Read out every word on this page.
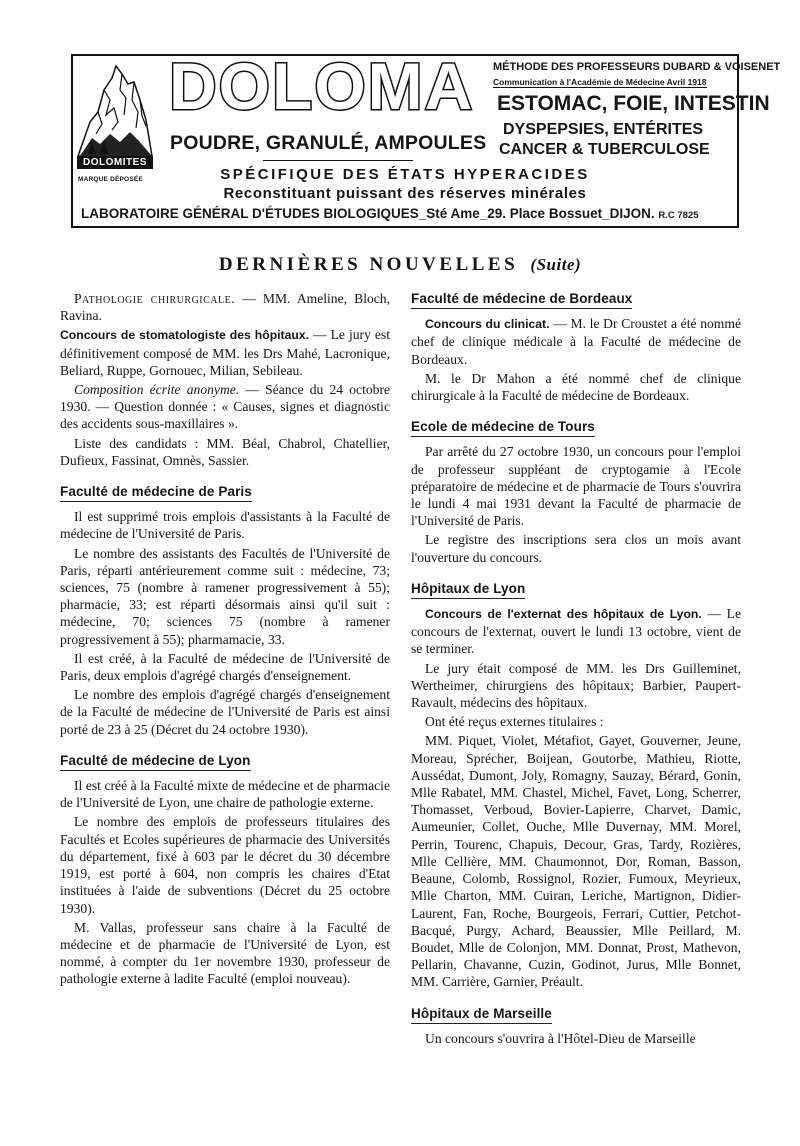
DOLOMITES
MARQUE DÉPOSÉE
DOLOMA
POUDRE, GRANULÉ, AMPOULES
MÉTHODE DES PROFESSEURS DUBARD & VOISENET
Communication à l'Académie de Médecine Avril 1918
ESTOMAC, FOIE, INTESTIN
DYSPEPSIES, ENTÉRITES
CANCER & TUBERCULOSE
SPÉCIFIQUE DES ÉTATS HYPERACIDES
Reconstituant puissant des réserves minérales
LABORATOIRE GÉNÉRAL D'ÉTUDES BIOLOGIQUES_Sté Ame_29. Place Bossuet_DIJON. R.C 7825
DERNIÈRES NOUVELLES (Suite)

Pathologie chirurgicale. — MM. Ameline, Bloch, Ravina.

Concours de stomatologiste des hôpitaux. — Le jury est définitivement composé de MM. les Drs Mahé, Lacronique, Beliard, Ruppe, Gornouec, Milian, Sebileau.

Composition écrite anonyme. — Séance du 24 octobre 1930. — Question donnée : « Causes, signes et diagnostic des accidents sous-maxillaires ».

Liste des candidats : MM. Béal, Chabrol, Chatellier, Dufieux, Fassinat, Omnès, Sassier.

Faculté de médecine de Paris

Il est supprimé trois emplois d'assistants à la Faculté de médecine de l'Université de Paris.

Le nombre des assistants des Facultés de l'Université de Paris, réparti antérieurement comme suit : médecine, 73; sciences, 75 (nombre à ramener progressivement à 55); pharmacie, 33; est réparti désormais ainsi qu'il suit : médecine, 70; sciences 75 (nombre à ramener progressivement à 55); pharmamacie, 33.

Il est créé, à la Faculté de médecine de l'Université de Paris, deux emplois d'agrégé chargés d'enseignement.

Le nombre des emplois d'agrégé chargés d'enseignement de la Faculté de médecine de l'Université de Paris est ainsi porté de 23 à 25 (Décret du 24 octobre 1930).

Faculté de médecine de Lyon

Il est créé à la Faculté mixte de médecine et de pharmacie de l'Université de Lyon, une chaire de pathologie externe.

Le nombre des emplois de professeurs titulaires des Facultés et Ecoles supérieures de pharmacie des Universités du département, fixé à 603 par le décret du 30 décembre 1919, est porté à 604, non compris les chaires d'Etat instituées à l'aide de subventions (Décret du 25 octobre 1930).

M. Vallas, professeur sans chaire à la Faculté de médecine et de pharmacie de l'Université de Lyon, est nommé, à compter du 1er novembre 1930, professeur de pathologie externe à ladite Faculté (emploi nouveau).

Faculté de médecine de Bordeaux

Concours du clinicat. — M. le Dr Croustet a été nommé chef de clinique médicale à la Faculté de médecine de Bordeaux.

M. le Dr Mahon a été nommé chef de clinique chirurgicale à la Faculté de médecine de Bordeaux.

Ecole de médecine de Tours

Par arrêté du 27 octobre 1930, un concours pour l'emploi de professeur suppléant de cryptogamie à l'Ecole préparatoire de médecine et de pharmacie de Tours s'ouvrira le lundi 4 mai 1931 devant la Faculté de pharmacie de l'Université de Paris.

Le registre des inscriptions sera clos un mois avant l'ouverture du concours.

Hôpitaux de Lyon

Concours de l'externat des hôpitaux de Lyon. — Le concours de l'externat, ouvert le lundi 13 octobre, vient de se terminer.

Le jury était composé de MM. les Drs Guilleminet, Wertheimer, chirurgiens des hôpitaux; Barbier, Paupert-Ravault, médecins des hôpitaux.

Ont été reçus externes titulaires :

MM. Piquet, Violet, Métafiot, Gayet, Gouverner, Jeune, Moreau, Sprécher, Boijean, Goutorbe, Mathieu, Riotte, Aussédat, Dumont, Joly, Romagny, Sauzay, Bérard, Gonin, Mlle Rabatel, MM. Chastel, Michel, Favet, Long, Scherrer, Thomasset, Verboud, Bovier-Lapierre, Charvet, Damic, Aumeunier, Collet, Ouche, Mlle Duvernay, MM. Morel, Perrin, Tourenc, Chapuis, Decour, Gras, Tardy, Rozières, Mlle Cellière, MM. Chaumonnot, Dor, Roman, Basson, Beaune, Colomb, Rossignol, Rozier, Fumoux, Meyrieux, Mlle Charton, MM. Cuiran, Leriche, Martignon, Didier-Laurent, Fan, Roche, Bourgeois, Ferrari, Cuttier, Petchot-Bacqué, Purgy, Achard, Beaussier, Mlle Peillard, M. Boudet, Mlle de Colonjon, MM. Donnat, Prost, Mathevon, Pellarin, Chavanne, Cuzin, Godinot, Jurus, Mlle Bonnet, MM. Carrière, Garnier, Préault.

Hôpitaux de Marseille

Un concours s'ouvrira à l'Hôtel-Dieu de Marseille
